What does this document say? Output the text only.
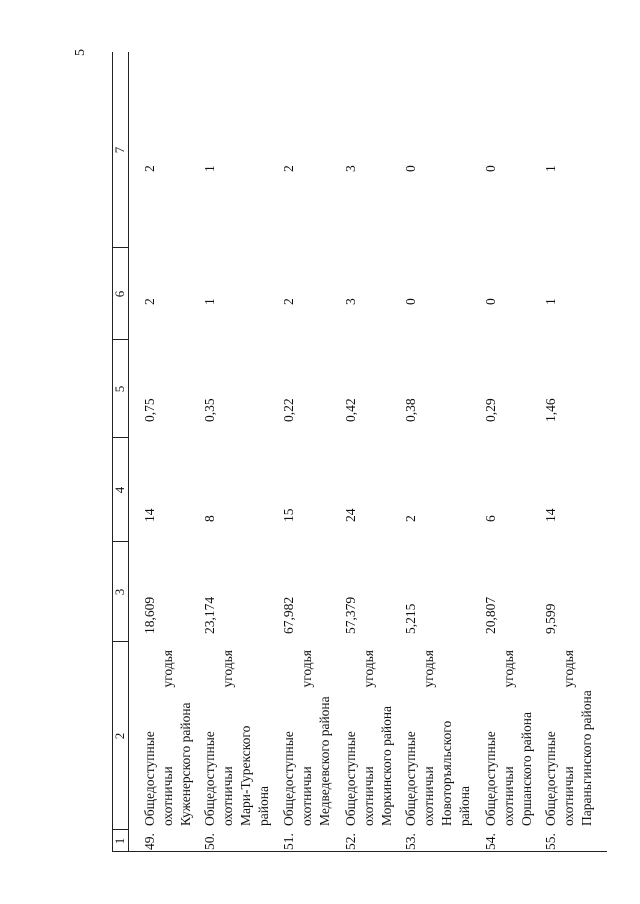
5
1
2
3
4
5
6
7
49.Общедоступные охотничьи
угодья
Куженерского района
18,609
14
0,75
2
2
50.Общедоступные охотничьи
угодья
Мари-Турекского района
23,174
8
0,35
1
1
51.Общедоступные охотничьи
угодья
Медведевского района
67,982
15
0,22
2
2
52.Общедоступные охотничьи
угодья
Моркинского района
57,379
24
0,42
3
3
53.Общедоступные охотничьи
угодья
Новоторъяльского района
5,215
2
0,38
0
0
54.Общедоступные охотничьи
угодья
Оршанского района
20,807
6
0,29
0
0
55.Общедоступные охотничьи
угодья
Параньгинского района
9,599
14
1,46
1
1
